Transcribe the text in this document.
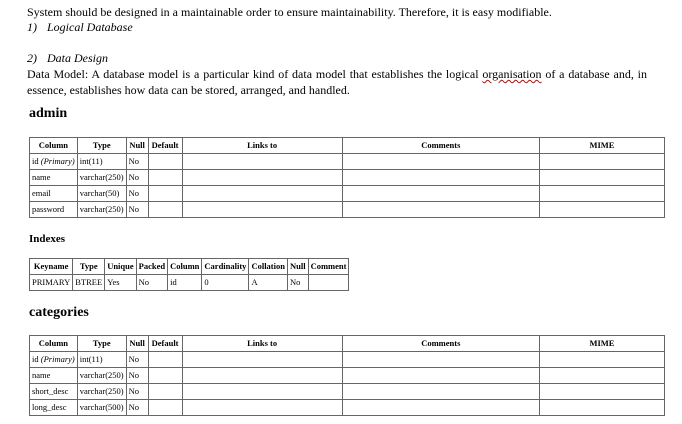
System should be designed in a maintainable order to ensure maintainability. Therefore, it is easy modifiable.
1) Logical Database
2) Data Design
Data Model: A database model is a particular kind of data model that establishes the logical organisation of a database and, in essence, establishes how data can be stored, arranged, and handled.
admin
Column	Type	Null	Default	Links to	Comments	MIME
id (Primary)	int(11)	No				
name	varchar(250)	No				
email	varchar(50)	No				
password	varchar(250)	No				
Indexes
Keyname	Type	Unique	Packed	Column	Cardinality	Collation	Null	Comment
PRIMARY	BTREE	Yes	No	id	0	A	No	
categories
Column	Type	Null	Default	Links to	Comments	MIME
id (Primary)	int(11)	No				
name	varchar(250)	No				
short_desc	varchar(250)	No				
long_desc	varchar(500)	No				
